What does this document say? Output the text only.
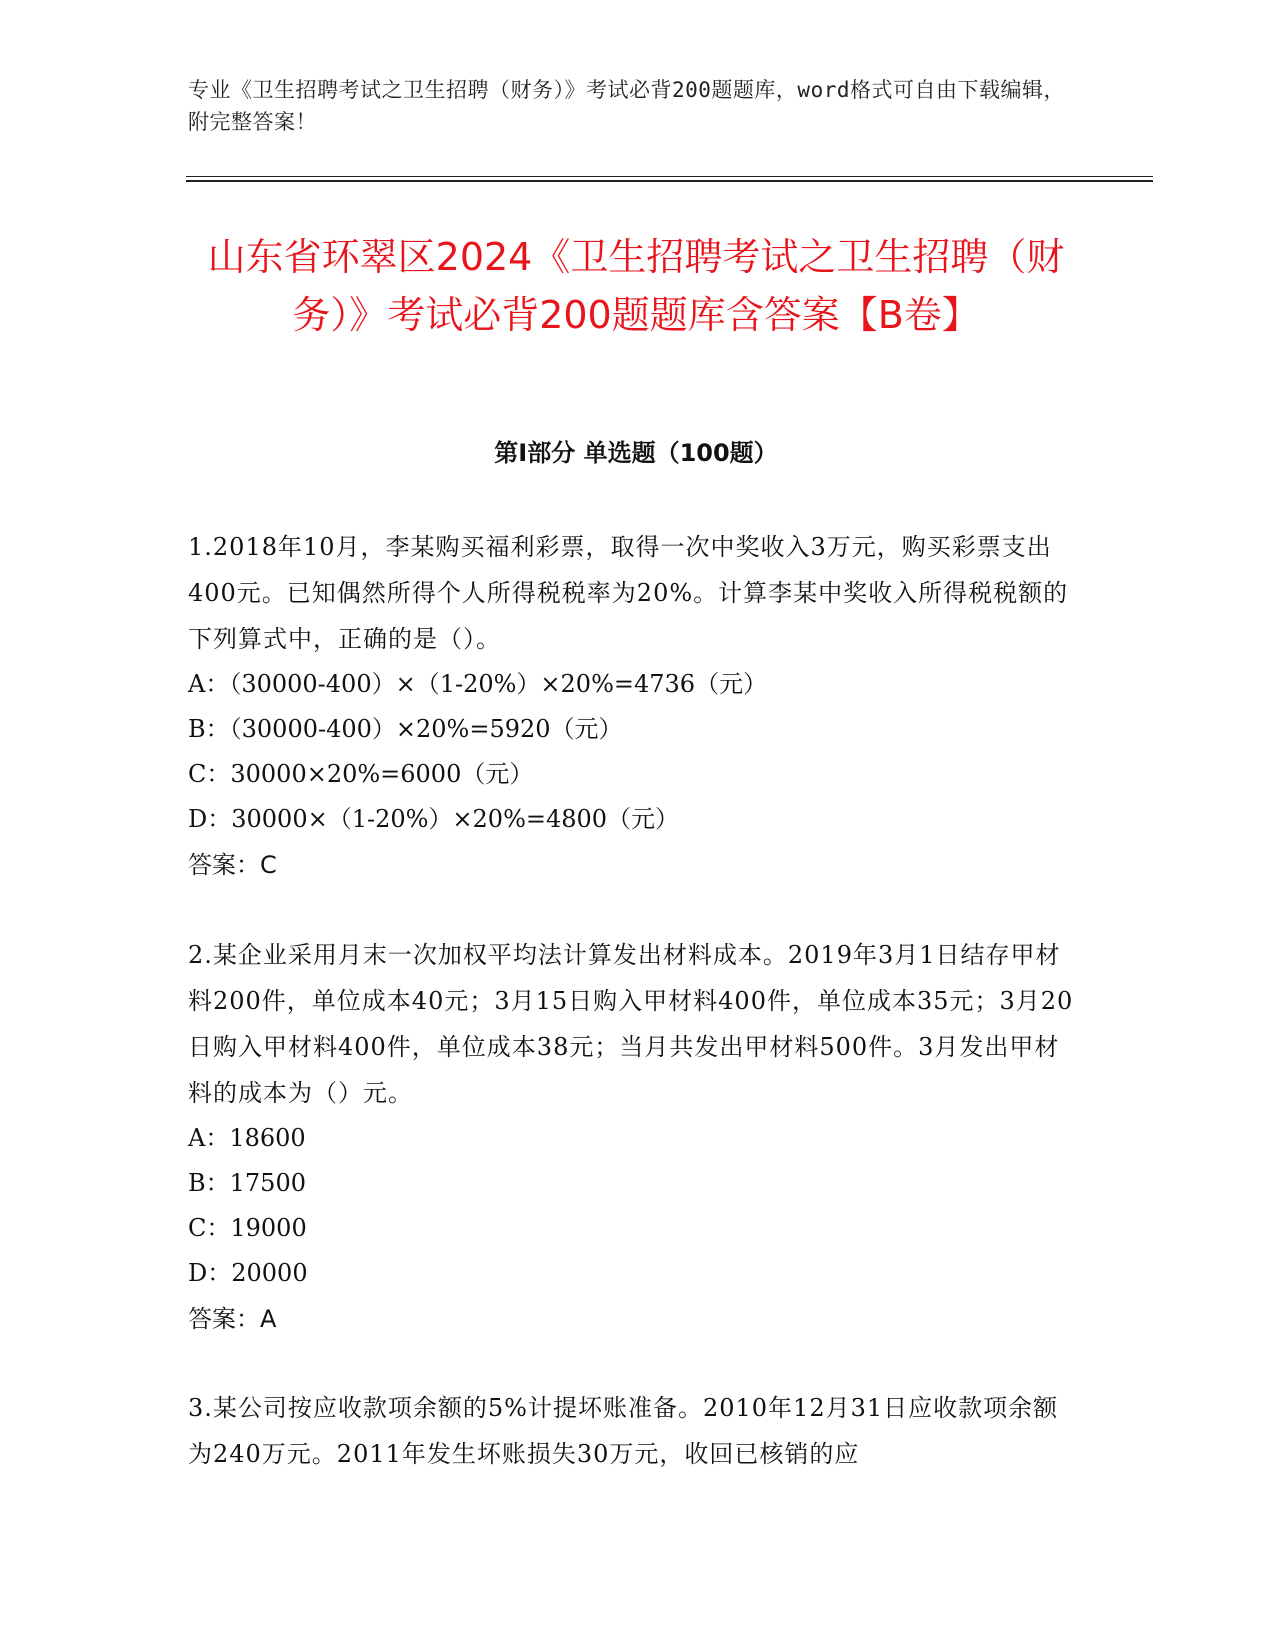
专业《卫生招聘考试之卫生招聘（财务）》考试必背200题题库，word格式可自由下载编辑，附完整答案！
山东省环翠区2024《卫生招聘考试之卫生招聘（财务）》考试必背200题题库含答案【B卷】
第Ⅰ部分 单选题（100题）

1.2018年10月，李某购买福利彩票，取得一次中奖收入3万元，购买彩票支出400元。已知偶然所得个人所得税税率为20%。计算李某中奖收入所得税税额的下列算式中，正确的是（）。

A：（30000-400）×（1-20%）×20%=4736（元）

B：（30000-400）×20%=5920（元）

C：30000×20%=6000（元）

D：30000×（1-20%）×20%=4800（元）

答案：C

2.某企业采用月末一次加权平均法计算发出材料成本。2019年3月1日结存甲材料200件，单位成本40元；3月15日购入甲材料400件，单位成本35元；3月20日购入甲材料400件，单位成本38元；当月共发出甲材料500件。3月发出甲材料的成本为（）元。

A：18600

B：17500

C：19000

D：20000

答案：A

3.某公司按应收款项余额的5%计提坏账准备。2010年12月31日应收款项余额为240万元。2011年发生坏账损失30万元，收回已核销的应
